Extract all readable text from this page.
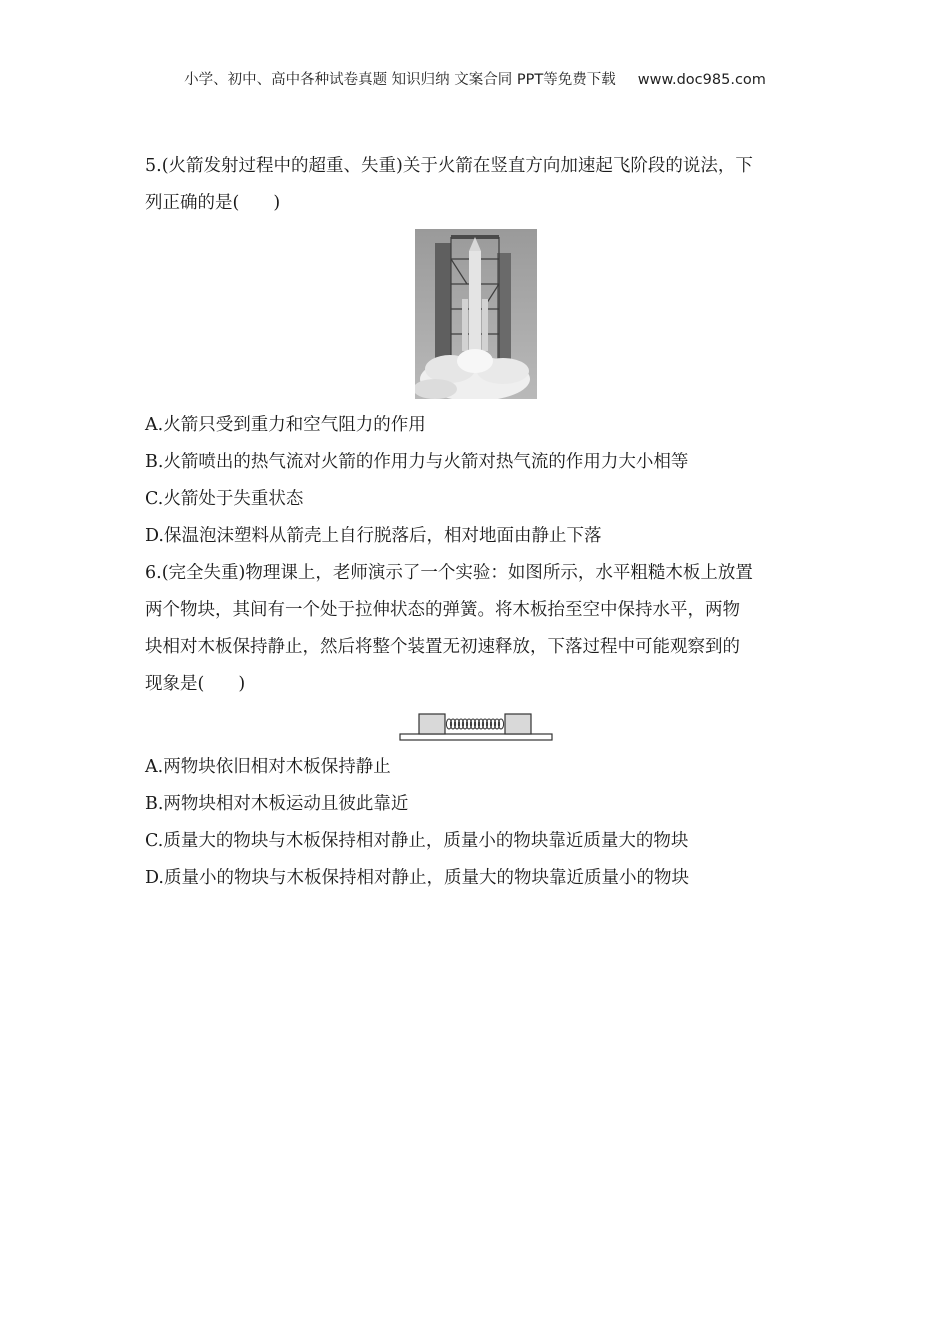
小学、初中、高中各种试卷真题 知识归纳 文案合同 PPT等免费下载 www.doc985.com

5.(火箭发射过程中的超重、失重)关于火箭在竖直方向加速起飞阶段的说法，下

列正确的是( )

A.火箭只受到重力和空气阻力的作用

B.火箭喷出的热气流对火箭的作用力与火箭对热气流的作用力大小相等

C.火箭处于失重状态

D.保温泡沫塑料从箭壳上自行脱落后，相对地面由静止下落

6.(完全失重)物理课上，老师演示了一个实验：如图所示，水平粗糙木板上放置

两个物块，其间有一个处于拉伸状态的弹簧。将木板抬至空中保持水平，两物

块相对木板保持静止，然后将整个装置无初速释放，下落过程中可能观察到的

现象是( )

A.两物块依旧相对木板保持静止

B.两物块相对木板运动且彼此靠近

C.质量大的物块与木板保持相对静止，质量小的物块靠近质量大的物块

D.质量小的物块与木板保持相对静止，质量大的物块靠近质量小的物块
